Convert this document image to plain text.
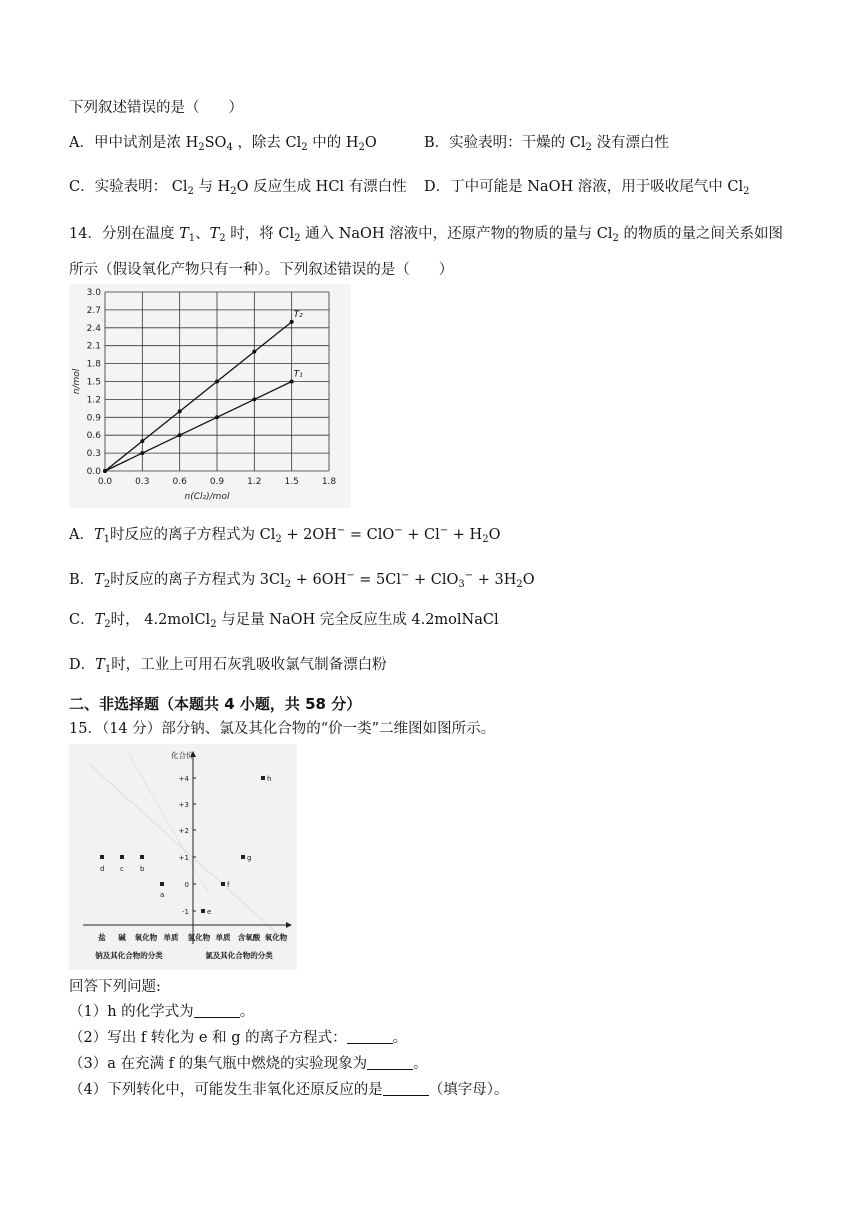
下列叙述错误的是（　　）
A．甲中试剂是浓 $H_2SO_4$ ，除去 $Cl_2$ 中的 $H_2O$	B．实验表明：干燥的 $Cl_2$ 没有漂白性
C．实验表明： $Cl_2$ 与 $H_2O$ 反应生成 HCl 有漂白性 D．丁中可能是 NaOH 溶液，用于吸收尾气中 $Cl_2$
14．分别在温度 $T_1$、$T_2$ 时，将 $Cl_2$ 通入 NaOH 溶液中，还原产物的物质的量与 $Cl_2$ 的物质的量之间关系如图
所示（假设氧化产物只有一种）。下列叙述错误的是（　　）
0.0	0.3	0.6	0.9	1.2	1.5	1.8
0.0
0.3
0.6
0.9
1.2
1.5
1.8
2.1
2.4
2.7
3.0
n(Cl₂)/mol
n/mol
T₂
T₁
A．$T_1$时反应的离子方程式为 $Cl_2 + 2OH^- = ClO^- + Cl^- + H_2O$
B．$T_2$时反应的离子方程式为 $3Cl_2 + 6OH^- = 5Cl^- + ClO_3^- + 3H_2O$
C．$T_2$时， 4.2molCl$_2$ 与足量 NaOH 完全反应生成 4.2molNaCl
D．$T_1$时，工业上可用石灰乳吸收氯气制备漂白粉
二、非选择题（本题共 4 小题，共 58 分）
15．（14 分）部分钠、氯及其化合物的“价一类”二维图如图所示。
化合价
+4
+3
+2
+1
0
-1
d c b
a
e
f
g
h
盐 碱 氧化物 单质 氢化物 单质 含氧酸 氧化物
钠及其化合物的分类	氯及其化合物的分类
回答下列问题:
（1）h 的化学式为	。
（2）写出 f 转化为 e 和 g 的离子方程式：	。
（3）a 在充满 f 的集气瓶中燃烧的实验现象为	。
（4）下列转化中，可能发生非氧化还原反应的是	（填字母）。
